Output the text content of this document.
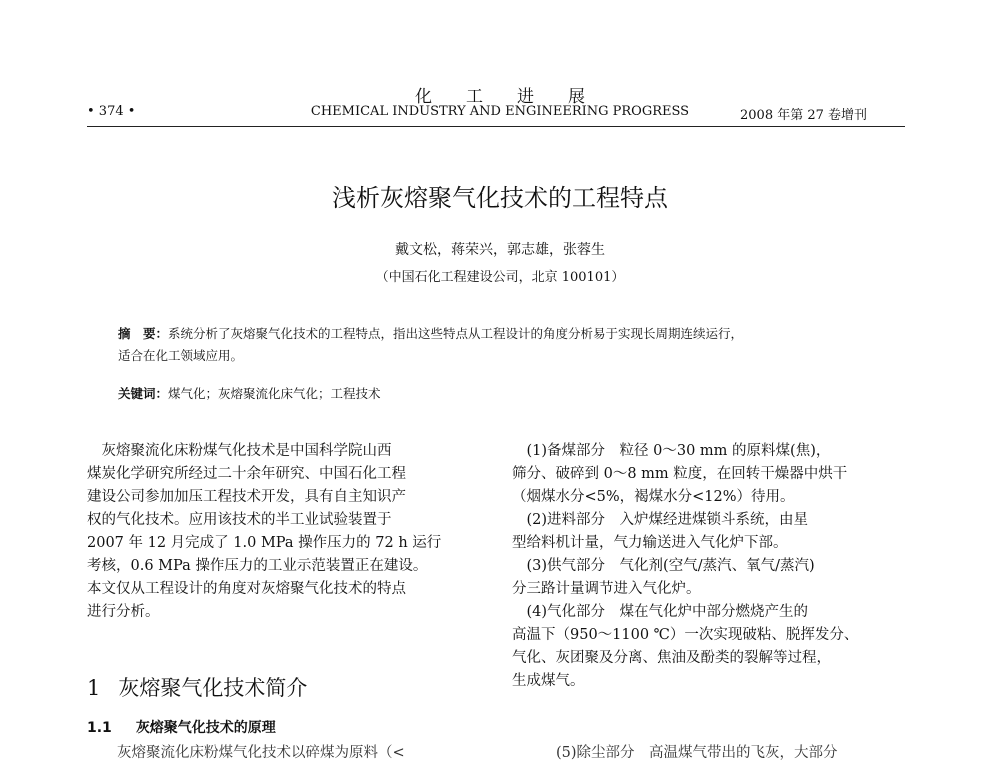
化工进展
• 374 •	CHEMICAL INDUSTRY AND ENGINEERING PROGRESS	2008 年第 27 卷增刊
浅析灰熔聚气化技术的工程特点
戴文松，蒋荣兴，郭志雄，张蓉生
（中国石化工程建设公司，北京 100101）
摘　要：系统分析了灰熔聚气化技术的工程特点，指出这些特点从工程设计的角度分析易于实现长周期连续运行，
适合在化工领域应用。
关键词：煤气化；灰熔聚流化床气化；工程技术
　灰熔聚流化床粉煤气化技术是中国科学院山西
煤炭化学研究所经过二十余年研究、中国石化工程
建设公司参加加压工程技术开发，具有自主知识产
权的气化技术。应用该技术的半工业试验装置于
2007 年 12 月完成了 1.0 MPa 操作压力的 72 h 运行
考核，0.6 MPa 操作压力的工业示范装置正在建设。
本文仅从工程设计的角度对灰熔聚气化技术的特点
进行分析。
1 灰熔聚气化技术简介
1.1 灰熔聚气化技术的原理
灰熔聚流化床粉煤气化技术以碎煤为原料（<
　(1)备煤部分　粒径 0～30 mm 的原料煤(焦)，
筛分、破碎到 0～8 mm 粒度，在回转干燥器中烘干
（烟煤水分<5%，褐煤水分<12%）待用。
　(2)进料部分　入炉煤经进煤锁斗系统，由星
型给料机计量，气力输送进入气化炉下部。
　(3)供气部分　气化剂(空气/蒸汽、氧气/蒸汽)
分三路计量调节进入气化炉。
　(4)气化部分　煤在气化炉中部分燃烧产生的
高温下（950～1100 ℃）一次实现破粘、脱挥发分、
气化、灰团聚及分离、焦油及酚类的裂解等过程，
生成煤气。
(5)除尘部分　高温煤气带出的飞灰，大部分
